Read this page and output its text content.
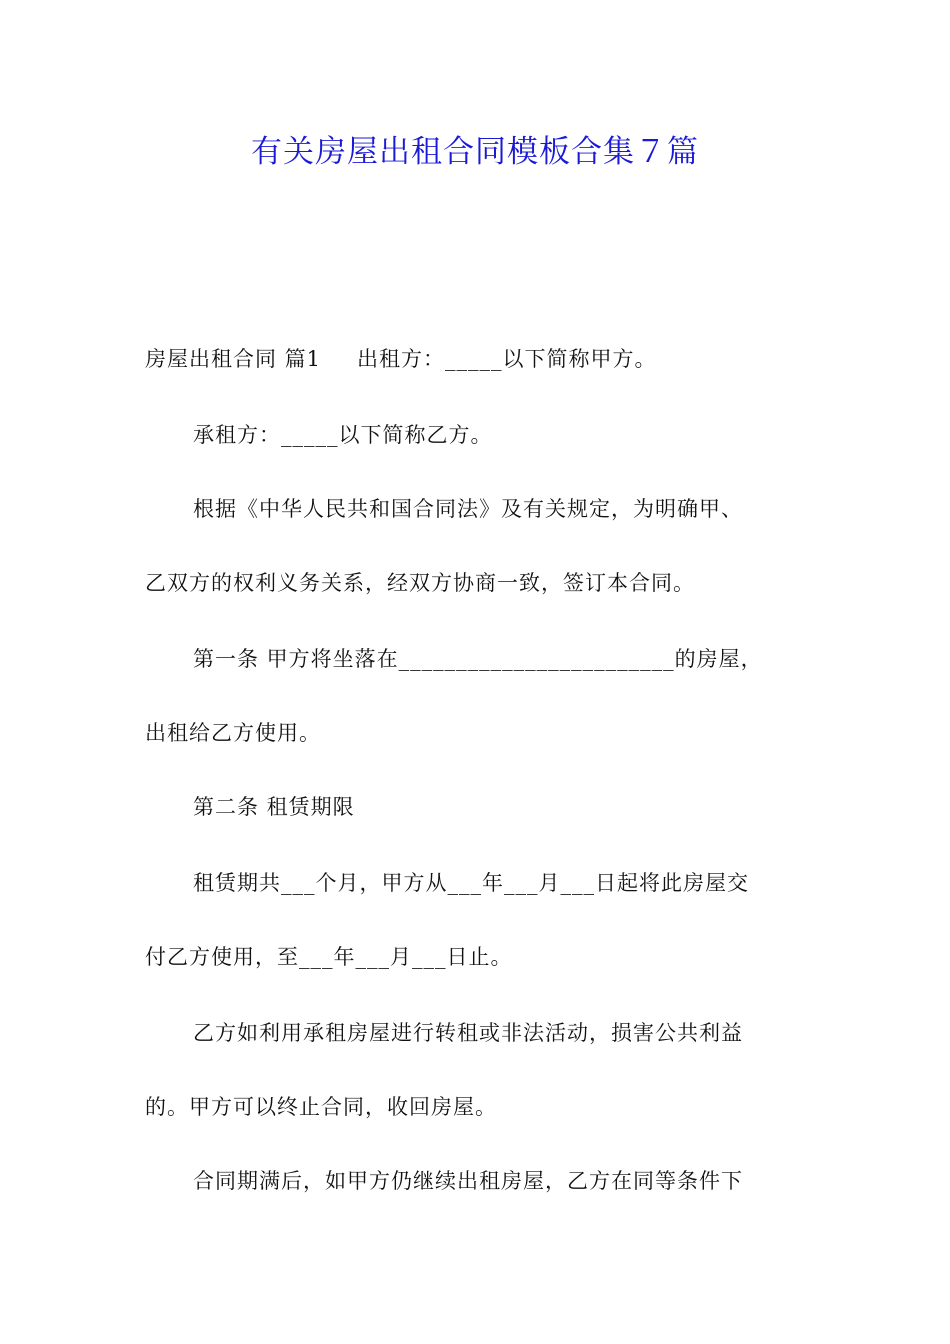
有关房屋出租合同模板合集７篇
房屋出租合同 篇1 出租方：_____以下简称甲方。
承租方：_____以下简称乙方。
根据《中华人民共和国合同法》及有关规定，为明确甲、
乙双方的权利义务关系，经双方协商一致，签订本合同。
第一条 甲方将坐落在________________________的房屋，
出租给乙方使用。
第二条 租赁期限
租赁期共___个月，甲方从___年___月___日起将此房屋交
付乙方使用，至___年___月___日止。
乙方如利用承租房屋进行转租或非法活动，损害公共利益
的。甲方可以终止合同，收回房屋。
合同期满后，如甲方仍继续出租房屋，乙方在同等条件下
